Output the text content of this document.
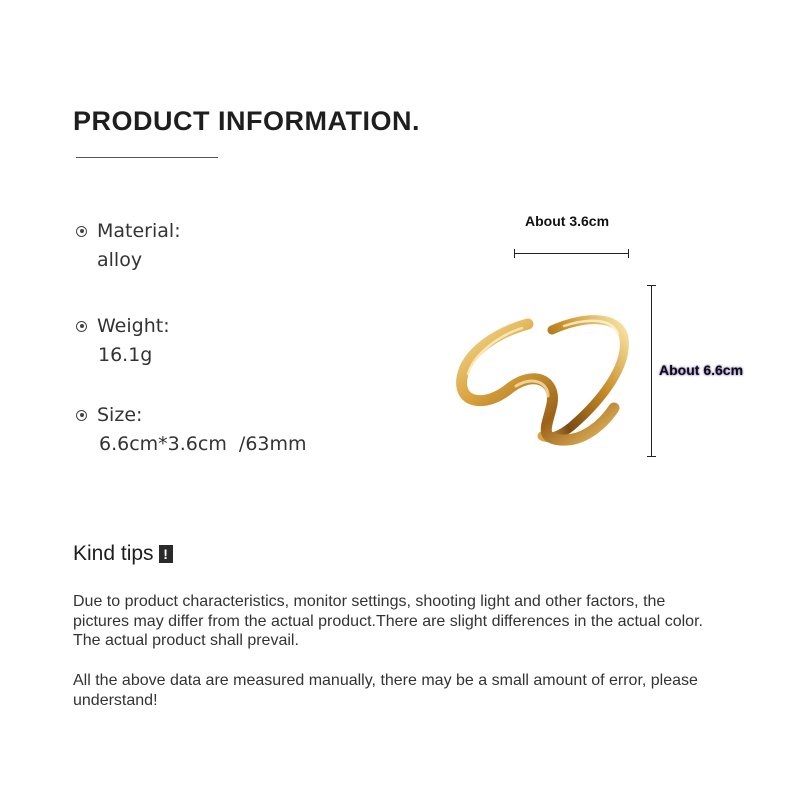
PRODUCT INFORMATION.
Material:
alloy
Weight:
16.1g
Size:
6.6cm*3.6cm  /63mm
About 3.6cm
About 6.6cm
Kind tips !
Due to product characteristics, monitor settings, shooting light and other factors, the pictures may differ from the actual product.There are slight differences in the actual color. The actual product shall prevail.
All the above data are measured manually, there may be a small amount of error, please understand!
